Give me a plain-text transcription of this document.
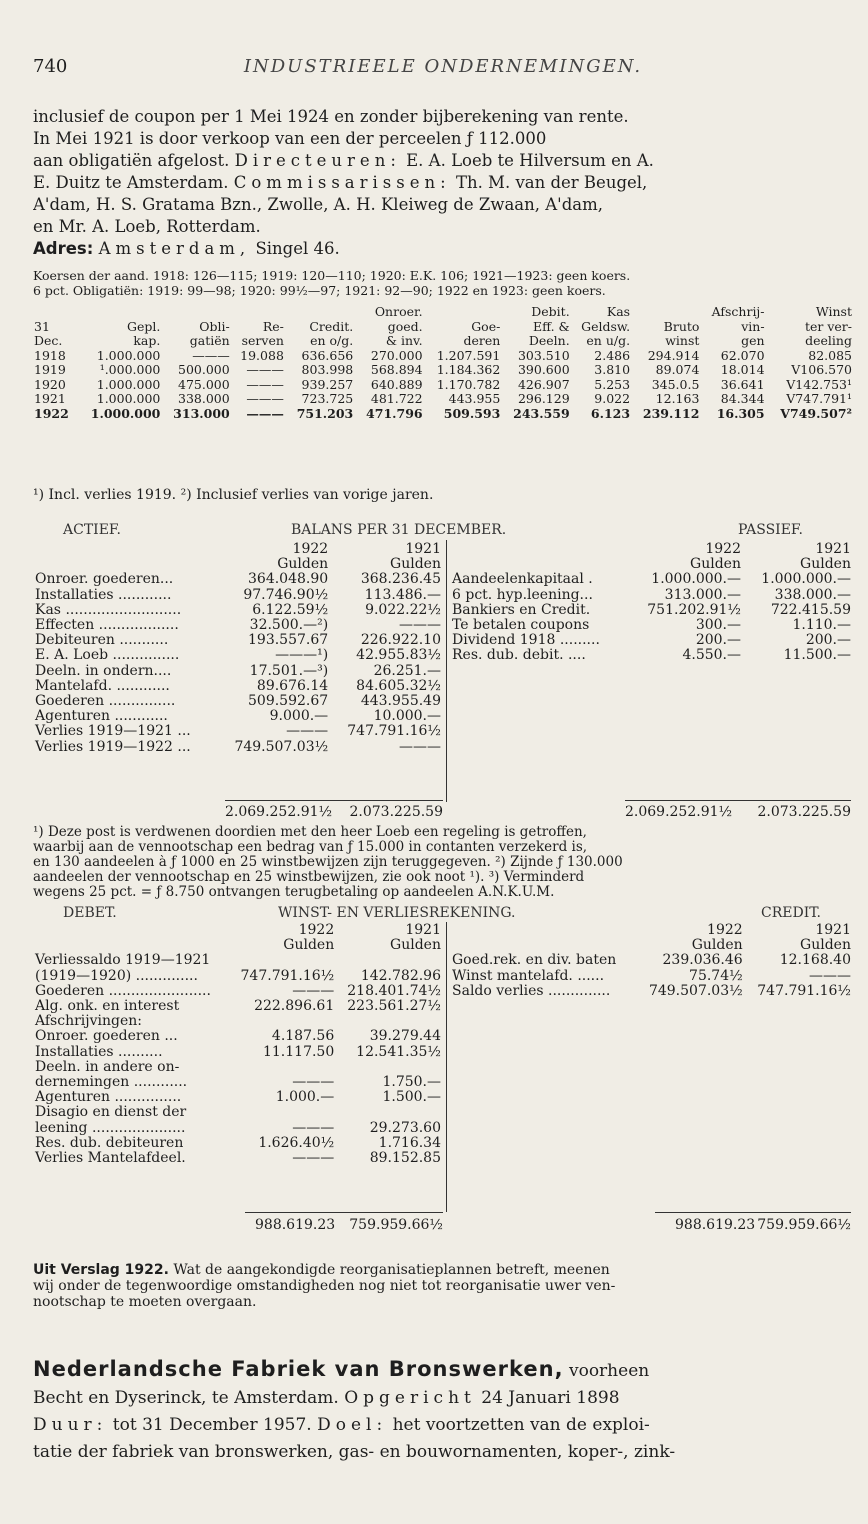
740	INDUSTRIEELE ONDERNEMINGEN.

inclusief de coupon per 1 Mei 1924 en zonder bijberekening van rente.

In Mei 1921 is door verkoop van een der perceelen ƒ 112.000

aan obligatiën afgelost. Directeuren: E. A. Loeb te Hilversum en A.

E. Duitz te Amsterdam. Commissarissen: Th. M. van der Beugel,

A'dam, H. S. Gratama Bzn., Zwolle, A. H. Kleiweg de Zwaan, A'dam,

en Mr. A. Loeb, Rotterdam.

Adres: Amsterdam, Singel 46.

Koersen der aand. 1918: 126—115; 1919: 120—110; 1920: E.K. 106; 1921—1923: geen koers.

6 pct. Obligatiën: 1919: 99—98; 1920: 99½—97; 1921: 92—90; 1922 en 1923: geen koers.

					Onroer.		Debit.	Kas		Afschrij-	Winst
31	Gepl.	Obli-	Re-	Credit.	goed.	Goe-	Eff. &	Geldsw.	Bruto	vin-	ter ver-
Dec.	kap.	gatiën	serven	en o/g.	& inv.	deren	Deeln.	en u/g.	winst	gen	deeling
1918	1.000.000	———	19.088	636.656	270.000	1.207.591	303.510	2.486	294.914	62.070	82.085
1919	¹.000.000	500.000	———	803.998	568.894	1.184.362	390.600	3.810	89.074	18.014	V106.570
1920	1.000.000	475.000	———	939.257	640.889	1.170.782	426.907	5.253	345.0.5	36.641	V142.753¹
1921	1.000.000	338.000	———	723.725	481.722	443.955	296.129	9.022	12.163	84.344	V747.791¹
1922	1.000.000	313.000	———	751.203	471.796	509.593	243.559	6.123	239.112	16.305	V749.507²
¹) Incl. verlies 1919. ²) Inclusief verlies van vorige jaren.
ACTIEF.	BALANS PER 31 DECEMBER.	PASSIEF.
	1922	1921
	Gulden	Gulden
Onroer. goederen...	364.048.90	368.236.45
Installaties ............	97.746.90½	113.486.—
Kas ..........................	6.122.59½	9.022.22½
Effecten ..................	32.500.—²)	———
Debiteuren ...........	193.557.67	226.922.10
E. A. Loeb ...............	———¹)	42.955.83½
Deeln. in ondern....	17.501.—³)	26.251.—
Mantelafd. ............	89.676.14	84.605.32½
Goederen ...............	509.592.67	443.955.49
Agenturen ............	9.000.—	10.000.—
Verlies 1919—1921 ...	———	747.791.16½
Verlies 1919—1922 ...	749.507.03½	———
	1922	1921
	Gulden	Gulden
Aandeelenkapitaal .	1.000.000.—	1.000.000.—
6 pct. hyp.leening...	313.000.—	338.000.—
Bankiers en Credit.	751.202.91½	722.415.59
Te betalen coupons	300.—	1.110.—
Dividend 1918 .........	200.—	200.—
Res. dub. debit. ....	4.550.—	11.500.—
2.069.252.91½ 2.073.225.59	2.069.252.91½ 2.073.225.59

¹) Deze post is verdwenen doordien met den heer Loeb een regeling is getroffen,

waarbij aan de vennootschap een bedrag van ƒ 15.000 in contanten verzekerd is,

en 130 aandeelen à ƒ 1000 en 25 winstbewijzen zijn teruggegeven. ²) Zijnde ƒ 130.000

aandeelen der vennootschap en 25 winstbewijzen, zie ook noot ¹). ³) Verminderd

wegens 25 pct. = ƒ 8.750 ontvangen terugbetaling op aandeelen A.N.K.U.M.

DEBET.	WINST- EN VERLIESREKENING.	CREDIT.
	1922	1921
	Gulden	Gulden
Verliessaldo 1919—1921		
(1919—1920) ..............	747.791.16½	142.782.96
Goederen .......................	———	218.401.74½
Alg. onk. en interest	222.896.61	223.561.27½
Afschrijvingen:		
Onroer. goederen ...	4.187.56	39.279.44
Installaties ..........	11.117.50	12.541.35½
Deeln. in andere on-		
dernemingen ............	———	1.750.—
Agenturen ...............	1.000.—	1.500.—
Disagio en dienst der		
leening .....................	———	29.273.60
Res. dub. debiteuren	1.626.40½	1.716.34
Verlies Mantelafdeel.	———	89.152.85
	1922	1921
	Gulden	Gulden
Goed.rek. en div. baten	239.036.46	12.168.40
Winst mantelafd. ......	75.74½	———
Saldo verlies ..............	749.507.03½	747.791.16½
988.619.23 759.959.66½	988.619.23 759.959.66½

Uit Verslag 1922. Wat de aangekondigde reorganisatieplannen betreft, meenen

wij onder de tegenwoordige omstandigheden nog niet tot reorganisatie uwer ven-

nootschap te moeten overgaan.

Nederlandsche Fabriek van Bronswerken, voorheen

Becht en Dyserinck, te Amsterdam. Opgericht 24 Januari 1898

Duur: tot 31 December 1957. Doel: het voortzetten van de exploi-

tatie der fabriek van bronswerken, gas- en bouwornamenten, koper-, zink-
